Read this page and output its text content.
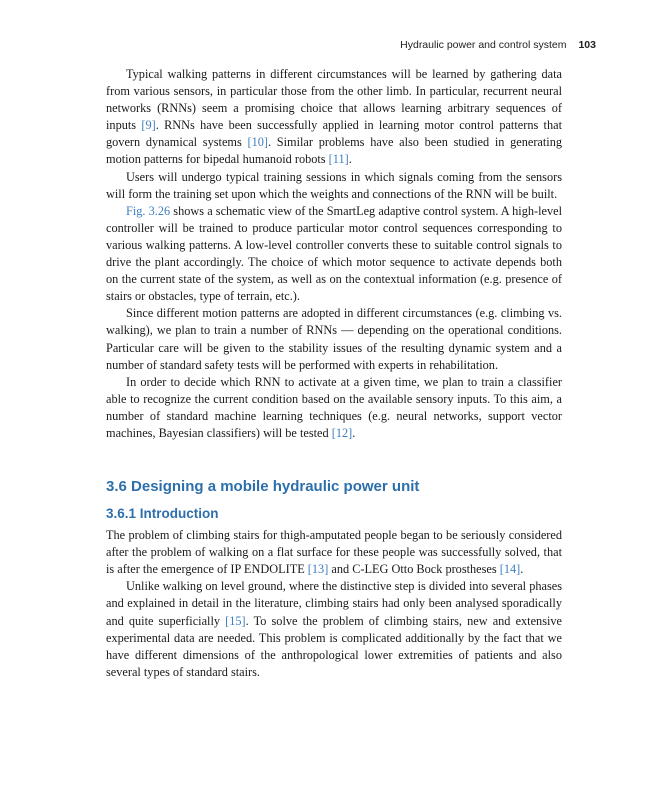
Hydraulic power and control system 103

Typical walking patterns in different circumstances will be learned by gathering data from various sensors, in particular those from the other limb. In particular, recurrent neural networks (RNNs) seem a promising choice that allows learning arbitrary sequences of inputs [9]. RNNs have been successfully applied in learning motor control patterns that govern dynamical systems [10]. Similar problems have also been studied in generating motion patterns for bipedal humanoid robots [11].

Users will undergo typical training sessions in which signals coming from the sensors will form the training set upon which the weights and connections of the RNN will be built.

Fig. 3.26 shows a schematic view of the SmartLeg adaptive control system. A high-level controller will be trained to produce particular motor control sequences corresponding to various walking patterns. A low-level controller converts these to suitable control signals to drive the plant accordingly. The choice of which motor sequence to activate depends both on the current state of the system, as well as on the contextual information (e.g. presence of stairs or obstacles, type of terrain, etc.).

Since different motion patterns are adopted in different circumstances (e.g. climbing vs. walking), we plan to train a number of RNNs — depending on the operational conditions. Particular care will be given to the stability issues of the resulting dynamic system and a number of standard safety tests will be performed with experts in rehabilitation.

In order to decide which RNN to activate at a given time, we plan to train a classifier able to recognize the current condition based on the available sensory inputs. To this aim, a number of standard machine learning techniques (e.g. neural networks, support vector machines, Bayesian classifiers) will be tested [12].

3.6 Designing a mobile hydraulic power unit
3.6.1 Introduction

The problem of climbing stairs for thigh-amputated people began to be seriously considered after the problem of walking on a flat surface for these people was successfully solved, that is after the emergence of IP ENDOLITE [13] and C-LEG Otto Bock prostheses [14].

Unlike walking on level ground, where the distinctive step is divided into several phases and explained in detail in the literature, climbing stairs had only been analysed sporadically and quite superficially [15]. To solve the problem of climbing stairs, new and extensive experimental data are needed. This problem is complicated additionally by the fact that we have different dimensions of the anthropological lower extremities of patients and also several types of standard stairs.
